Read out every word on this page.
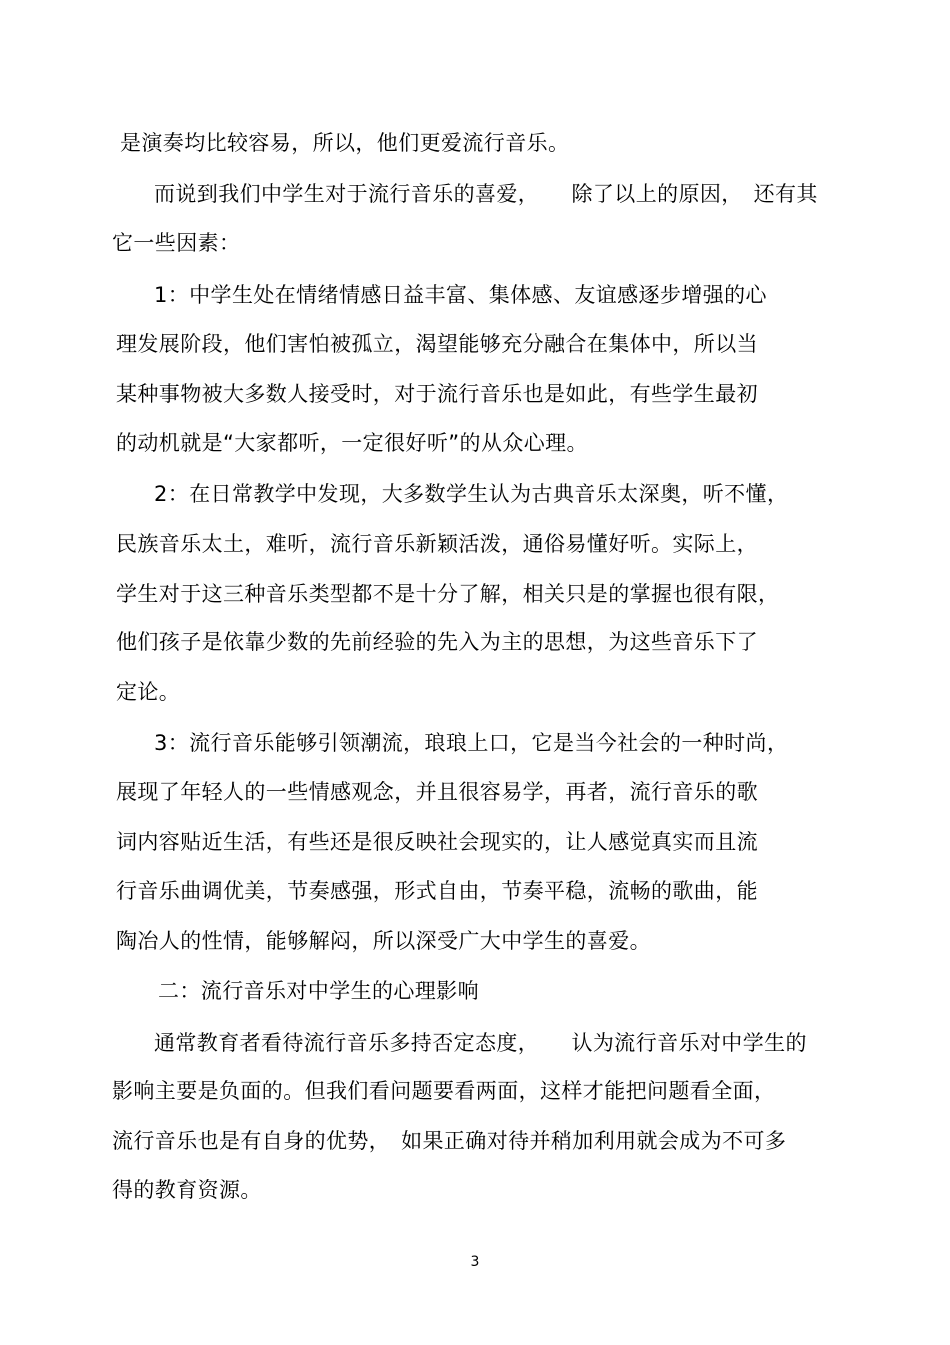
是演奏均比较容易，所以，他们更爱流行音乐。
而说到我们中学生对于流行音乐的喜爱，　　除了以上的原因，　还有其
它一些因素：
1：中学生处在情绪情感日益丰富、集体感、友谊感逐步增强的心
理发展阶段，他们害怕被孤立，渴望能够充分融合在集体中，所以当
某种事物被大多数人接受时，对于流行音乐也是如此，有些学生最初
的动机就是“大家都听，一定很好听”的从众心理。
2：在日常教学中发现，大多数学生认为古典音乐太深奥，听不懂，
民族音乐太土，难听，流行音乐新颖活泼，通俗易懂好听。实际上，
学生对于这三种音乐类型都不是十分了解，相关只是的掌握也很有限，
他们孩子是依靠少数的先前经验的先入为主的思想，为这些音乐下了
定论。
3：流行音乐能够引领潮流，琅琅上口，它是当今社会的一种时尚，
展现了年轻人的一些情感观念，并且很容易学，再者，流行音乐的歌
词内容贴近生活，有些还是很反映社会现实的，让人感觉真实而且流
行音乐曲调优美，节奏感强，形式自由，节奏平稳，流畅的歌曲，能
陶冶人的性情，能够解闷，所以深受广大中学生的喜爱。
二：流行音乐对中学生的心理影响
通常教育者看待流行音乐多持否定态度，　　认为流行音乐对中学生的
影响主要是负面的。但我们看问题要看两面，这样才能把问题看全面，
流行音乐也是有自身的优势，　如果正确对待并稍加利用就会成为不可多
得的教育资源。
3
